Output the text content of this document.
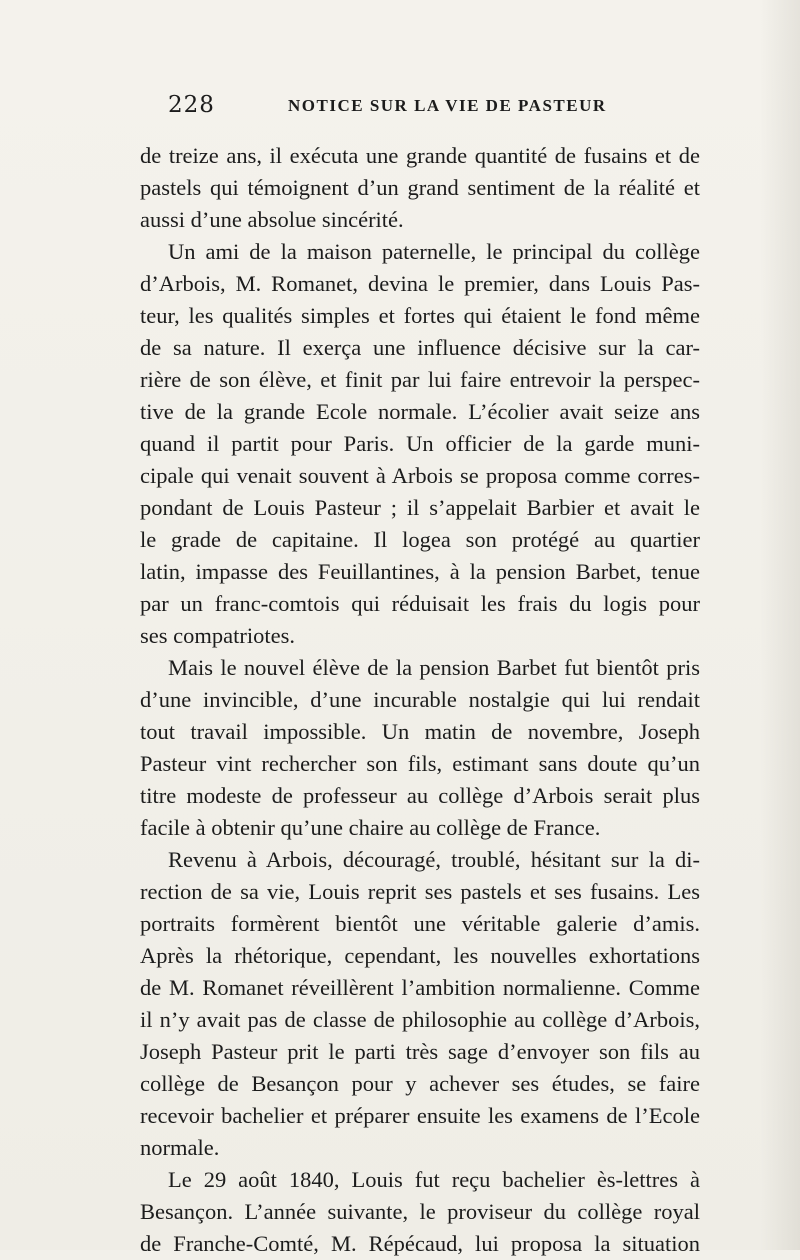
228	NOTICE SUR LA VIE DE PASTEUR
de treize ans, il exécuta une grande quantité de fusains et de
pastels qui témoignent d’un grand sentiment de la réalité et
aussi d’une absolue sincérité.
Un ami de la maison paternelle, le principal du collège
d’Arbois, M. Romanet, devina le premier, dans Louis Pas-
teur, les qualités simples et fortes qui étaient le fond même
de sa nature. Il exerça une influence décisive sur la car-
rière de son élève, et finit par lui faire entrevoir la perspec-
tive de la grande Ecole normale. L’écolier avait seize ans
quand il partit pour Paris. Un officier de la garde muni-
cipale qui venait souvent à Arbois se proposa comme corres-
pondant de Louis Pasteur ; il s’appelait Barbier et avait le
le grade de capitaine. Il logea son protégé au quartier
latin, impasse des Feuillantines, à la pension Barbet, tenue
par un franc-comtois qui réduisait les frais du logis pour
ses compatriotes.
Mais le nouvel élève de la pension Barbet fut bientôt pris
d’une invincible, d’une incurable nostalgie qui lui rendait
tout travail impossible. Un matin de novembre, Joseph
Pasteur vint rechercher son fils, estimant sans doute qu’un
titre modeste de professeur au collège d’Arbois serait plus
facile à obtenir qu’une chaire au collège de France.
Revenu à Arbois, découragé, troublé, hésitant sur la di-
rection de sa vie, Louis reprit ses pastels et ses fusains. Les
portraits formèrent bientôt une véritable galerie d’amis.
Après la rhétorique, cependant, les nouvelles exhortations
de M. Romanet réveillèrent l’ambition normalienne. Comme
il n’y avait pas de classe de philosophie au collège d’Arbois,
Joseph Pasteur prit le parti très sage d’envoyer son fils au
collège de Besançon pour y achever ses études, se faire
recevoir bachelier et préparer ensuite les examens de l’Ecole
normale.
Le 29 août 1840, Louis fut reçu bachelier ès-lettres à
Besançon. L’année suivante, le proviseur du collège royal
de Franche-Comté, M. Répécaud, lui proposa la situation
